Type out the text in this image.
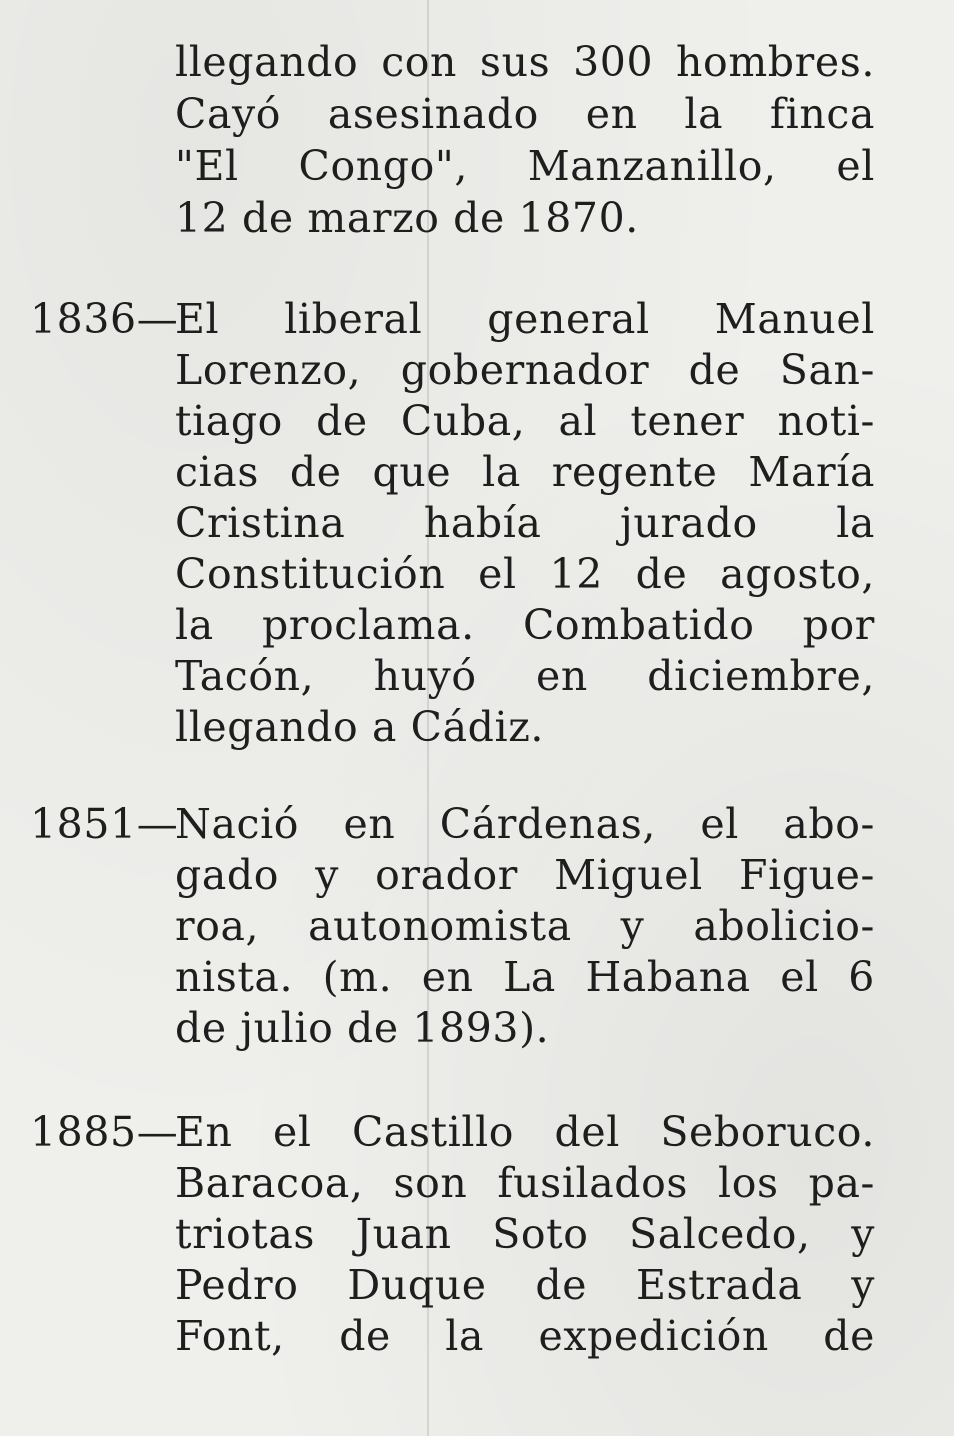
llegando con sus 300 hombres.
Cayó asesinado en la finca
"El Congo", Manzanillo, el
12 de marzo de 1870.
1836—
El liberal general Manuel
Lorenzo, gobernador de San-
tiago de Cuba, al tener noti-
cias de que la regente María
Cristina había jurado la
Constitución el 12 de agosto,
la proclama. Combatido por
Tacón, huyó en diciembre,
llegando a Cádiz.
1851—
Nació en Cárdenas, el abo-
gado y orador Miguel Figue-
roa, autonomista y abolicio-
nista. (m. en La Habana el 6
de julio de 1893).
1885—
En el Castillo del Seboruco.
Baracoa, son fusilados los pa-
triotas Juan Soto Salcedo, y
Pedro Duque de Estrada y
Font, de la expedición de
